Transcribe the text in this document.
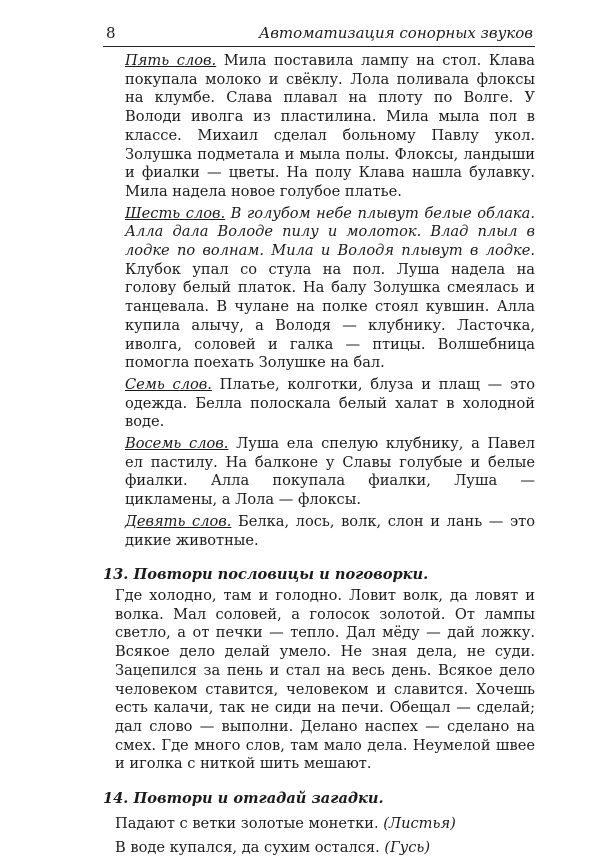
8	Автоматизация сонорных звуков

Пять слов. Мила поставила лампу на стол. Клава покупала молоко и свёклу. Лола поливала флоксы на клумбе. Слава плавал на плоту по Волге. У Володи иволга из пластилина. Мила мыла пол в классе. Михаил сделал больному Павлу укол. Золушка подметала и мыла полы. Флоксы, ландыши и фиалки — цветы. На полу Клава нашла булавку. Мила надела новое голубое платье.

Шесть слов. В голубом небе плывут белые облака. Алла дала Володе пилу и молоток. Влад плыл в лодке по волнам. Мила и Володя плывут в лодке. Клубок упал со стула на пол. Луша надела на голову белый платок. На балу Золушка смеялась и танцевала. В чулане на полке стоял кувшин. Алла купила алычу, а Володя — клубнику. Ласточка, иволга, соловей и галка — птицы. Волшебница помогла поехать Золушке на бал.

Семь слов. Платье, колготки, блуза и плащ — это одежда. Белла полоскала белый халат в холодной воде.

Восемь слов. Луша ела спелую клубнику, а Павел ел пастилу. На балконе у Славы голубые и белые фиалки. Алла покупала фиалки, Луша — цикламены, а Лола — флоксы.

Девять слов. Белка, лось, волк, слон и лань — это дикие животные.

13. Повтори пословицы и поговорки.

Где холодно, там и голодно. Ловит волк, да ловят и волка. Мал соловей, а голосок золотой. От лампы светло, а от печки — тепло. Дал мёду — дай ложку. Всякое дело делай умело. Не зная дела, не суди. Зацепился за пень и стал на весь день. Всякое дело человеком ставится, человеком и славится. Хочешь есть калачи, так не сиди на печи. Обещал — сделай; дал слово — выполни. Делано наспех — сделано на смех. Где много слов, там мало дела. Неумелой швее и иголка с ниткой шить мешают.

14. Повтори и отгадай загадки.

Падают с ветки золотые монетки. (Листья)

В воде купался, да сухим остался. (Гусь)
